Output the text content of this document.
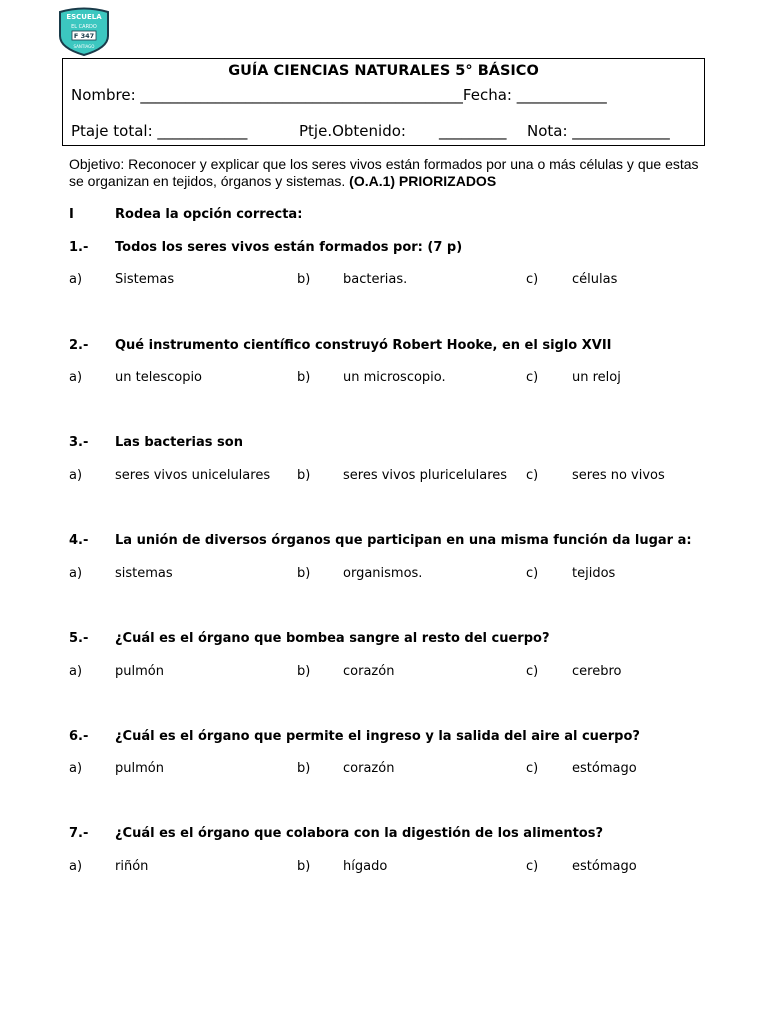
ESCUELA
EL CARDO
F 347
SANTIAGO
GUÍA CIENCIAS NATURALES 5° BÁSICO
Nombre: ___________________________________________Fecha: ____________
Ptaje total: ____________	Ptje.Obtenido: _________ Nota: _____________
Objetivo: Reconocer y explicar que los seres vivos están formados por una o más células y que estas se organizan en tejidos, órganos y sistemas. (O.A.1) PRIORIZADOS
I	Rodea la opción correcta:
1.- Todos los seres vivos están formados por: (7 p)
a)	Sistemas	b)	bacterias.	c)	células
2.- Qué instrumento científico construyó Robert Hooke, en el siglo XVII
a)	un telescopio	b)	un microscopio.	c)	un reloj
3.- Las bacterias son
a)	seres vivos unicelulares b)	seres vivos pluricelulares c)	seres no vivos
4.- La unión de diversos órganos que participan en una misma función da lugar a:
a)	sistemas	b)	organismos.	c)	tejidos
5.- ¿Cuál es el órgano que bombea sangre al resto del cuerpo?
a)	pulmón	b)	corazón	c)	cerebro
6.- ¿Cuál es el órgano que permite el ingreso y la salida del aire al cuerpo?
a)	pulmón	b)	corazón	c)	estómago
7.- ¿Cuál es el órgano que colabora con la digestión de los alimentos?
a)	riñón	b)	hígado	c)	estómago
